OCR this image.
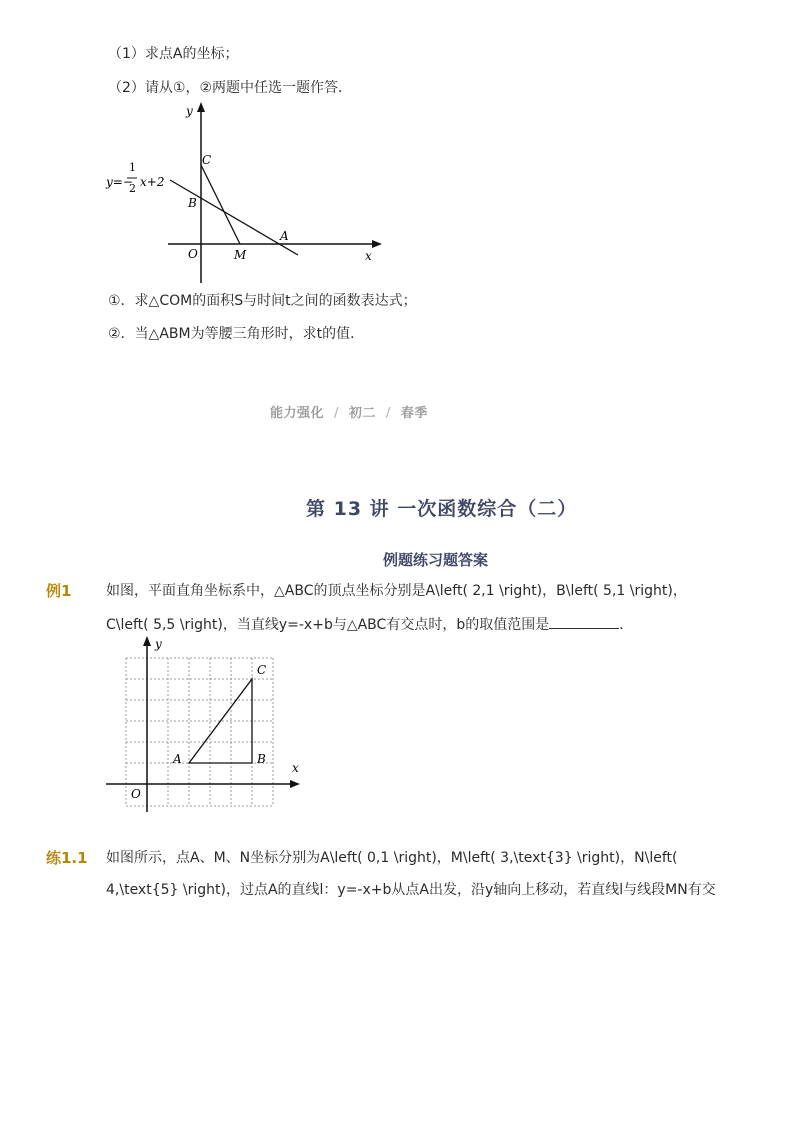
（1）求点A的坐标；
（2）请从①，②两题中任选一题作答．
y
x
O
C
B
A
M
y=−
1
2 x+2
①．求△COM的面积S与时间t之间的函数表达式；
②．当△ABM为等腰三角形时，求t的值．
能力强化 / 初二 / 春季
第 13 讲 一次函数综合（二）
例题练习题答案
例1 如图，平面直角坐标系中，△ABC的顶点坐标分别是A\left( 2,1 \right)，B\left( 5,1 \right)，
C\left( 5,5 \right)，当直线y=-x+b与△ABC有交点时，b的取值范围是	．
y
x
O
A	B
C
练1.1 如图所示，点A、M、N坐标分别为A\left( 0,1 \right)，M\left( 3,\text{3} \right)，N\left(
4,\text{5} \right)，过点A的直线l：y=-x+b从点A出发，沿y轴向上移动，若直线l与线段MN有交
